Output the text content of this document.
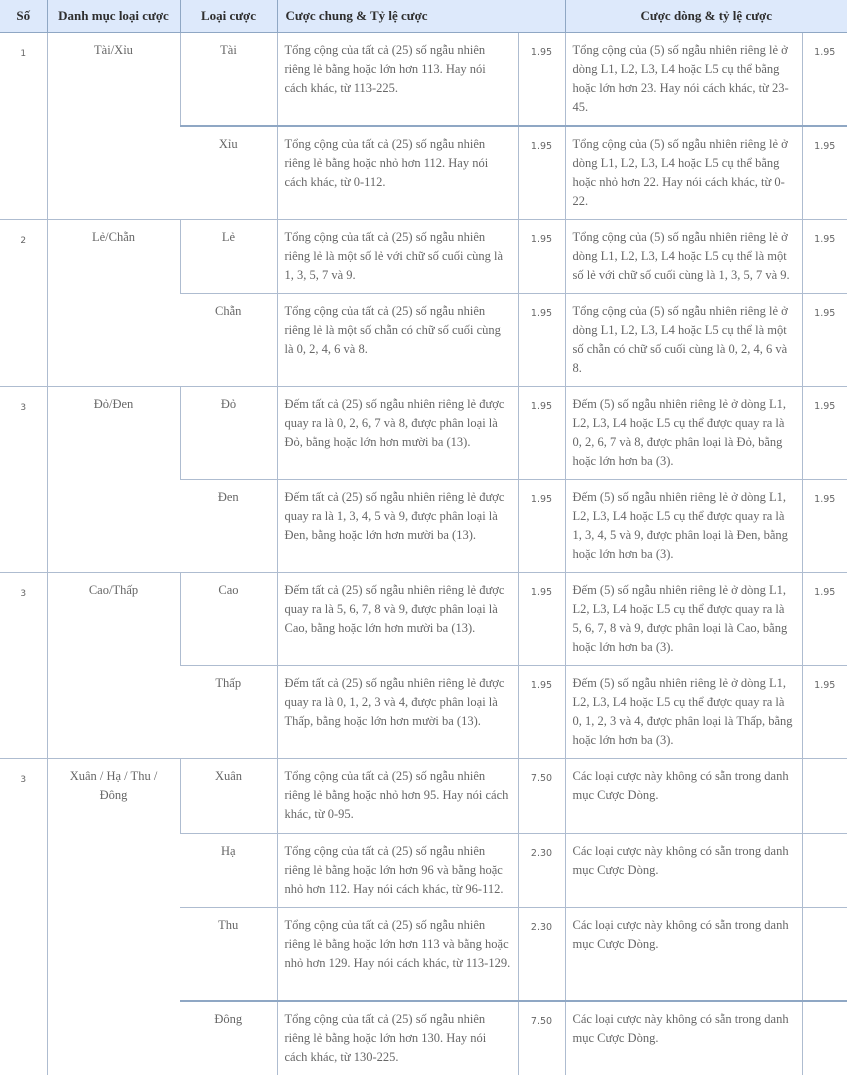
Số	Danh mục loại cược	Loại cược	Cược chung & Tỷ lệ cược		Cược dòng & tỷ lệ cược	
1	Tài/Xỉu	Tài	Tổng cộng của tất cả (25) số ngẫu nhiên riêng lẻ bằng hoặc lớn hơn 113. Hay nói cách khác, từ 113-225.	1.95	Tổng cộng của (5) số ngẫu nhiên riêng lẻ ở dòng L1, L2, L3, L4 hoặc L5 cụ thể bằng hoặc lớn hơn 23. Hay nói cách khác, từ 23-45.	1.95
		Xỉu	Tổng cộng của tất cả (25) số ngẫu nhiên riêng lẻ bằng hoặc nhỏ hơn 112. Hay nói cách khác, từ 0-112.	1.95	Tổng cộng của (5) số ngẫu nhiên riêng lẻ ở dòng L1, L2, L3, L4 hoặc L5 cụ thể bằng hoặc nhỏ hơn 22. Hay nói cách khác, từ 0-22.	1.95
2	Lẻ/Chẵn	Lẻ	Tổng cộng của tất cả (25) số ngẫu nhiên riêng lẻ là một số lẻ với chữ số cuối cùng là 1, 3, 5, 7 và 9.	1.95	Tổng cộng của (5) số ngẫu nhiên riêng lẻ ở dòng L1, L2, L3, L4 hoặc L5 cụ thể là một số lẻ với chữ số cuối cùng là 1, 3, 5, 7 và 9.	1.95
		Chẵn	Tổng cộng của tất cả (25) số ngẫu nhiên riêng lẻ là một số chẵn có chữ số cuối cùng là 0, 2, 4, 6 và 8.	1.95	Tổng cộng của (5) số ngẫu nhiên riêng lẻ ở dòng L1, L2, L3, L4 hoặc L5 cụ thể là một số chẵn có chữ số cuối cùng là 0, 2, 4, 6 và 8.	1.95
3	Đỏ/Đen	Đỏ	Đếm tất cả (25) số ngẫu nhiên riêng lẻ được quay ra là 0, 2, 6, 7 và 8, được phân loại là Đỏ, bằng hoặc lớn hơn mười ba (13).	1.95	Đếm (5) số ngẫu nhiên riêng lẻ ở dòng L1, L2, L3, L4 hoặc L5 cụ thể được quay ra là 0, 2, 6, 7 và 8, được phân loại là Đỏ, bằng hoặc lớn hơn ba (3).	1.95
		Đen	Đếm tất cả (25) số ngẫu nhiên riêng lẻ được quay ra là 1, 3, 4, 5 và 9, được phân loại là Đen, bằng hoặc lớn hơn mười ba (13).	1.95	Đếm (5) số ngẫu nhiên riêng lẻ ở dòng L1, L2, L3, L4 hoặc L5 cụ thể được quay ra là 1, 3, 4, 5 và 9, được phân loại là Đen, bằng hoặc lớn hơn ba (3).	1.95
3	Cao/Thấp	Cao	Đếm tất cả (25) số ngẫu nhiên riêng lẻ được quay ra là 5, 6, 7, 8 và 9, được phân loại là Cao, bằng hoặc lớn hơn mười ba (13).	1.95	Đếm (5) số ngẫu nhiên riêng lẻ ở dòng L1, L2, L3, L4 hoặc L5 cụ thể được quay ra là 5, 6, 7, 8 và 9, được phân loại là Cao, bằng hoặc lớn hơn ba (3).	1.95
		Thấp	Đếm tất cả (25) số ngẫu nhiên riêng lẻ được quay ra là 0, 1, 2, 3 và 4, được phân loại là Thấp, bằng hoặc lớn hơn mười ba (13).	1.95	Đếm (5) số ngẫu nhiên riêng lẻ ở dòng L1, L2, L3, L4 hoặc L5 cụ thể được quay ra là 0, 1, 2, 3 và 4, được phân loại là Thấp, bằng hoặc lớn hơn ba (3).	1.95
3	Xuân / Hạ / Thu / Đông	Xuân	Tổng cộng của tất cả (25) số ngẫu nhiên riêng lẻ bằng hoặc nhỏ hơn 95. Hay nói cách khác, từ 0-95.	7.50	Các loại cược này không có sẵn trong danh mục Cược Dòng.	
		Hạ	Tổng cộng của tất cả (25) số ngẫu nhiên riêng lẻ bằng hoặc lớn hơn 96 và bằng hoặc nhỏ hơn 112. Hay nói cách khác, từ 96-112.	2.30	Các loại cược này không có sẵn trong danh mục Cược Dòng.	
		Thu	Tổng cộng của tất cả (25) số ngẫu nhiên riêng lẻ bằng hoặc lớn hơn 113 và bằng hoặc nhỏ hơn 129. Hay nói cách khác, từ 113-129.	2.30	Các loại cược này không có sẵn trong danh mục Cược Dòng.	
		Đông	Tổng cộng của tất cả (25) số ngẫu nhiên riêng lẻ bằng hoặc lớn hơn 130. Hay nói cách khác, từ 130-225.	7.50	Các loại cược này không có sẵn trong danh mục Cược Dòng.	
